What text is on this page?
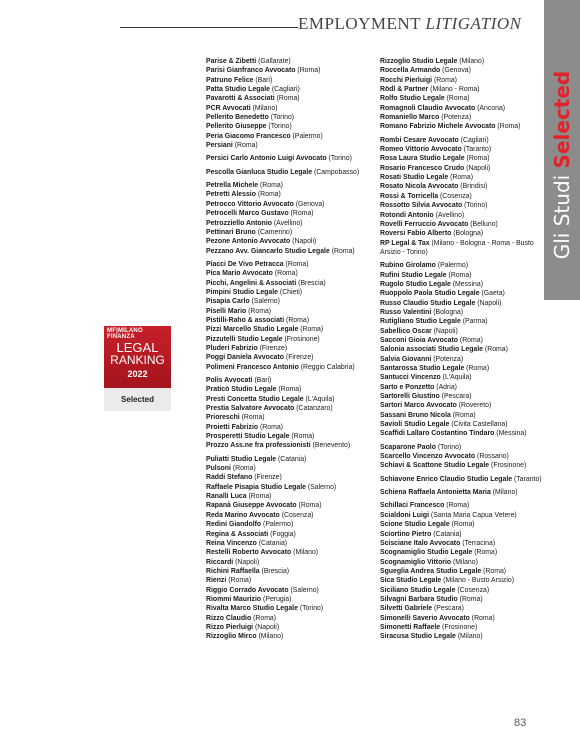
EMPLOYMENT LITIGATION
Gli Studi Selected
MF|MILANO FINANZA
LEGAL
RANKING
2022
Selected
Parise & Zibetti (Gallarate)
Parisi Gianfranco Avvocato (Roma)
Patruno Felice (Bari)
Patta Studio Legale (Cagliari)
Pavarotti & Associati (Roma)
PCR Avvocati (Milano)
Pellerito Benedetto (Torino)
Pellerito Giuseppe (Torino)
Peria Giacomo Francesco (Palermo)
Persiani (Roma)
Persici Carlo Antonio Luigi Avvocato (Torino)
Pescolla Gianluca Studio Legale (Campobasso)
Petrella Michele (Roma)
Petretti Alessio (Roma)
Petrocco Vittorio Avvocato (Genova)
Petrocelli Marco Gustavo (Roma)
Petrozziello Antonio (Avellino)
Pettinari Bruno (Camerino)
Pezone Antonio Avvocato (Napoli)
Pezzano Avv. Giancarlo Studio Legale (Roma)
Piacci De Vivo Petracca (Roma)
Pica Mario Avvocato (Roma)
Picchi, Angelini & Associati (Brescia)
Pimpini Studio Legale (Chieti)
Pisapia Carlo (Salerno)
Piselli Mario (Roma)
Pistilli-Raho & associati (Roma)
Pizzi Marcello Studio Legale (Roma)
Pizzutelli Studio Legale (Frosinone)
Pluderi Fabrizio (Firenze)
Poggi Daniela Avvocato (Firenze)
Polimeni Francesco Antonio (Reggio Calabria)
Polis Avvocati (Bari)
Praticò Studio Legale (Roma)
Presti Concetta Studio Legale (L'Aquila)
Prestia Salvatore Avvocato (Catanzaro)
Prioreschi (Roma)
Proietti Fabrizio (Roma)
Prosperetti Studio Legale (Roma)
Prozzo Ass.ne fra professionisti (Benevento)
Puliatti Studio Legale (Catania)
Pulsoni (Roma)
Raddi Stefano (Firenze)
Raffaele Pisapia Studio Legale (Salerno)
Ranalli Luca (Roma)
Rapanà Giuseppe Avvocato (Roma)
Reda Marino Avvocato (Cosenza)
Redini Giandolfo (Palermo)
Regina & Associati (Foggia)
Reina Vincenzo (Catania)
Restelli Roberto Avvocato (Milano)
Riccardi (Napoli)
Richini Raffaella (Brescia)
Rienzi (Roma)
Riggio Corrado Avvocato (Salerno)
Riommi Maurizio (Perugia)
Rivalta Marco Studio Legale (Torino)
Rizzo Claudio (Roma)
Rizzo Pierluigi (Napoli)
Rizzoglio Mirco (Milano)
Rizzoglio Studio Legale (Milano)
Roccella Armando (Genova)
Rocchi Pierluigi (Roma)
Rödl & Partner (Milano - Roma)
Rolfo Studio Legale (Roma)
Romagnoli Claudio Avvocato (Ancona)
Romaniello Marco (Potenza)
Romano Fabrizio Michele Avvocato (Roma)
Rombi Cesare Avvocato (Cagliari)
Romeo Vittorio Avvocato (Taranto)
Rosa Laura Studio Legale (Roma)
Rosario Francesco Crudo (Napoli)
Rosati Studio Legale (Roma)
Rosato Nicola Avvocato (Brindisi)
Rossi & Torricella (Cosenza)
Rossotto Silvia Avvocato (Torino)
Rotondi Antonio (Avellino)
Rovelli Ferruccio Avvocato (Belluno)
Roversi Fabio Alberto (Bologna)
RP Legal & Tax (Milano - Bologna - Roma - Busto Arsizio - Torino)
Rubino Girolamo (Palermo)
Rufini Studio Legale (Roma)
Rugolo Studio Legale (Messina)
Ruoppolo Paola Studio Legale (Gaeta)
Russo Claudio Studio Legale (Napoli)
Russo Valentini (Bologna)
Rutigliano Studio Legale (Parma)
Sabellico Oscar (Napoli)
Sacconi Gioia Avvocato (Roma)
Salonia associati Studio Legale (Roma)
Salvia Giovanni (Potenza)
Santarossa Studio Legale (Roma)
Santucci Vincenzo (L'Aquila)
Sarto e Ponzetto (Adria)
Sartorelli Giustino (Pescara)
Sartori Marco Avvocato (Rovereto)
Sassani Bruno Nicola (Roma)
Savioli Studio Legale (Civita Castellana)
Scaffidi Lallaro Costantino Tindaro (Messina)
Scaparone Paolo (Torino)
Scarcello Vincenzo Avvocato (Rossano)
Schiavi & Scattone Studio Legale (Frosinone)
Schiavone Enrico Claudio Studio Legale (Taranto)
Schiena Raffaela Antonietta Maria (Milano)
Schillaci Francesco (Roma)
Scialdoni Luigi (Santa Maria Capua Vetere)
Scione Studio Legale (Roma)
Sciortino Pietro (Catania)
Scisciane Italo Avvocato (Terracina)
Scognamiglio Studio Legale (Roma)
Scognamiglio Vittorio (Milano)
Sgueglia Andrea Studio Legale (Roma)
Sica Studio Legale (Milano - Busto Arsizio)
Siciliano Studio Legale (Cosenza)
Silvagni Barbara Studio (Roma)
Silvetti Gabriele (Pescara)
Simonelli Saverio Avvocato (Roma)
Simonetti Raffaele (Frosinone)
Siracusa Studio Legale (Milano)
83
